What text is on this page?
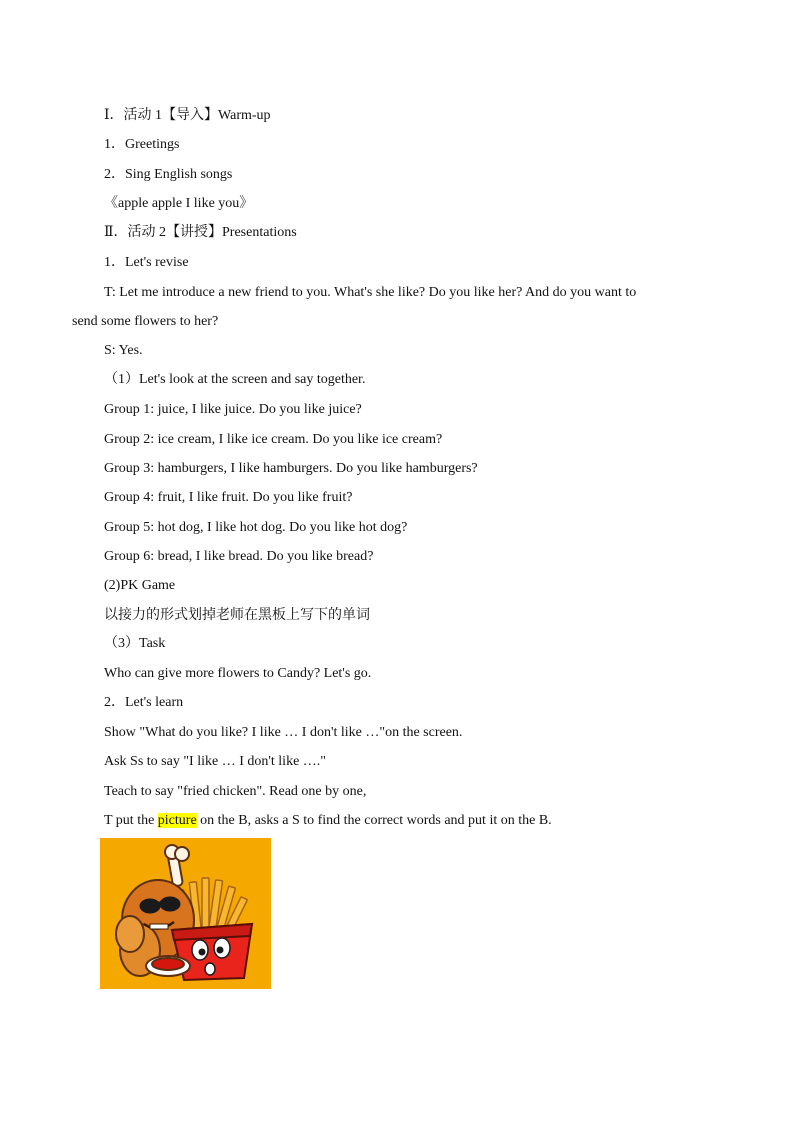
Ⅰ．活动 1【导入】Warm-up

1．Greetings

2．Sing English songs

《apple apple I like you》

Ⅱ．活动 2【讲授】Presentations

1．Let's revise

T: Let me introduce a new friend to you. What's she like? Do you like her? And do you want to

send some flowers to her?

S: Yes.

（1）Let's look at the screen and say together.

Group 1: juice, I like juice. Do you like juice?

Group 2: ice cream, I like ice cream. Do you like ice cream?

Group 3: hamburgers, I like hamburgers. Do you like hamburgers?

Group 4: fruit, I like fruit. Do you like fruit?

Group 5: hot dog, I like hot dog. Do you like hot dog?

Group 6: bread, I like bread. Do you like bread?

(2)PK Game

以接力的形式划掉老师在黑板上写下的单词

（3）Task

Who can give more flowers to Candy? Let's go.

2．Let's learn

Show "What do you like? I like … I don't like …"on the screen.

Ask Ss to say "I like … I don't like …."

Teach to say "fried chicken". Read one by one,

T put the picture on the B, asks a S to find the correct words and put it on the B.
